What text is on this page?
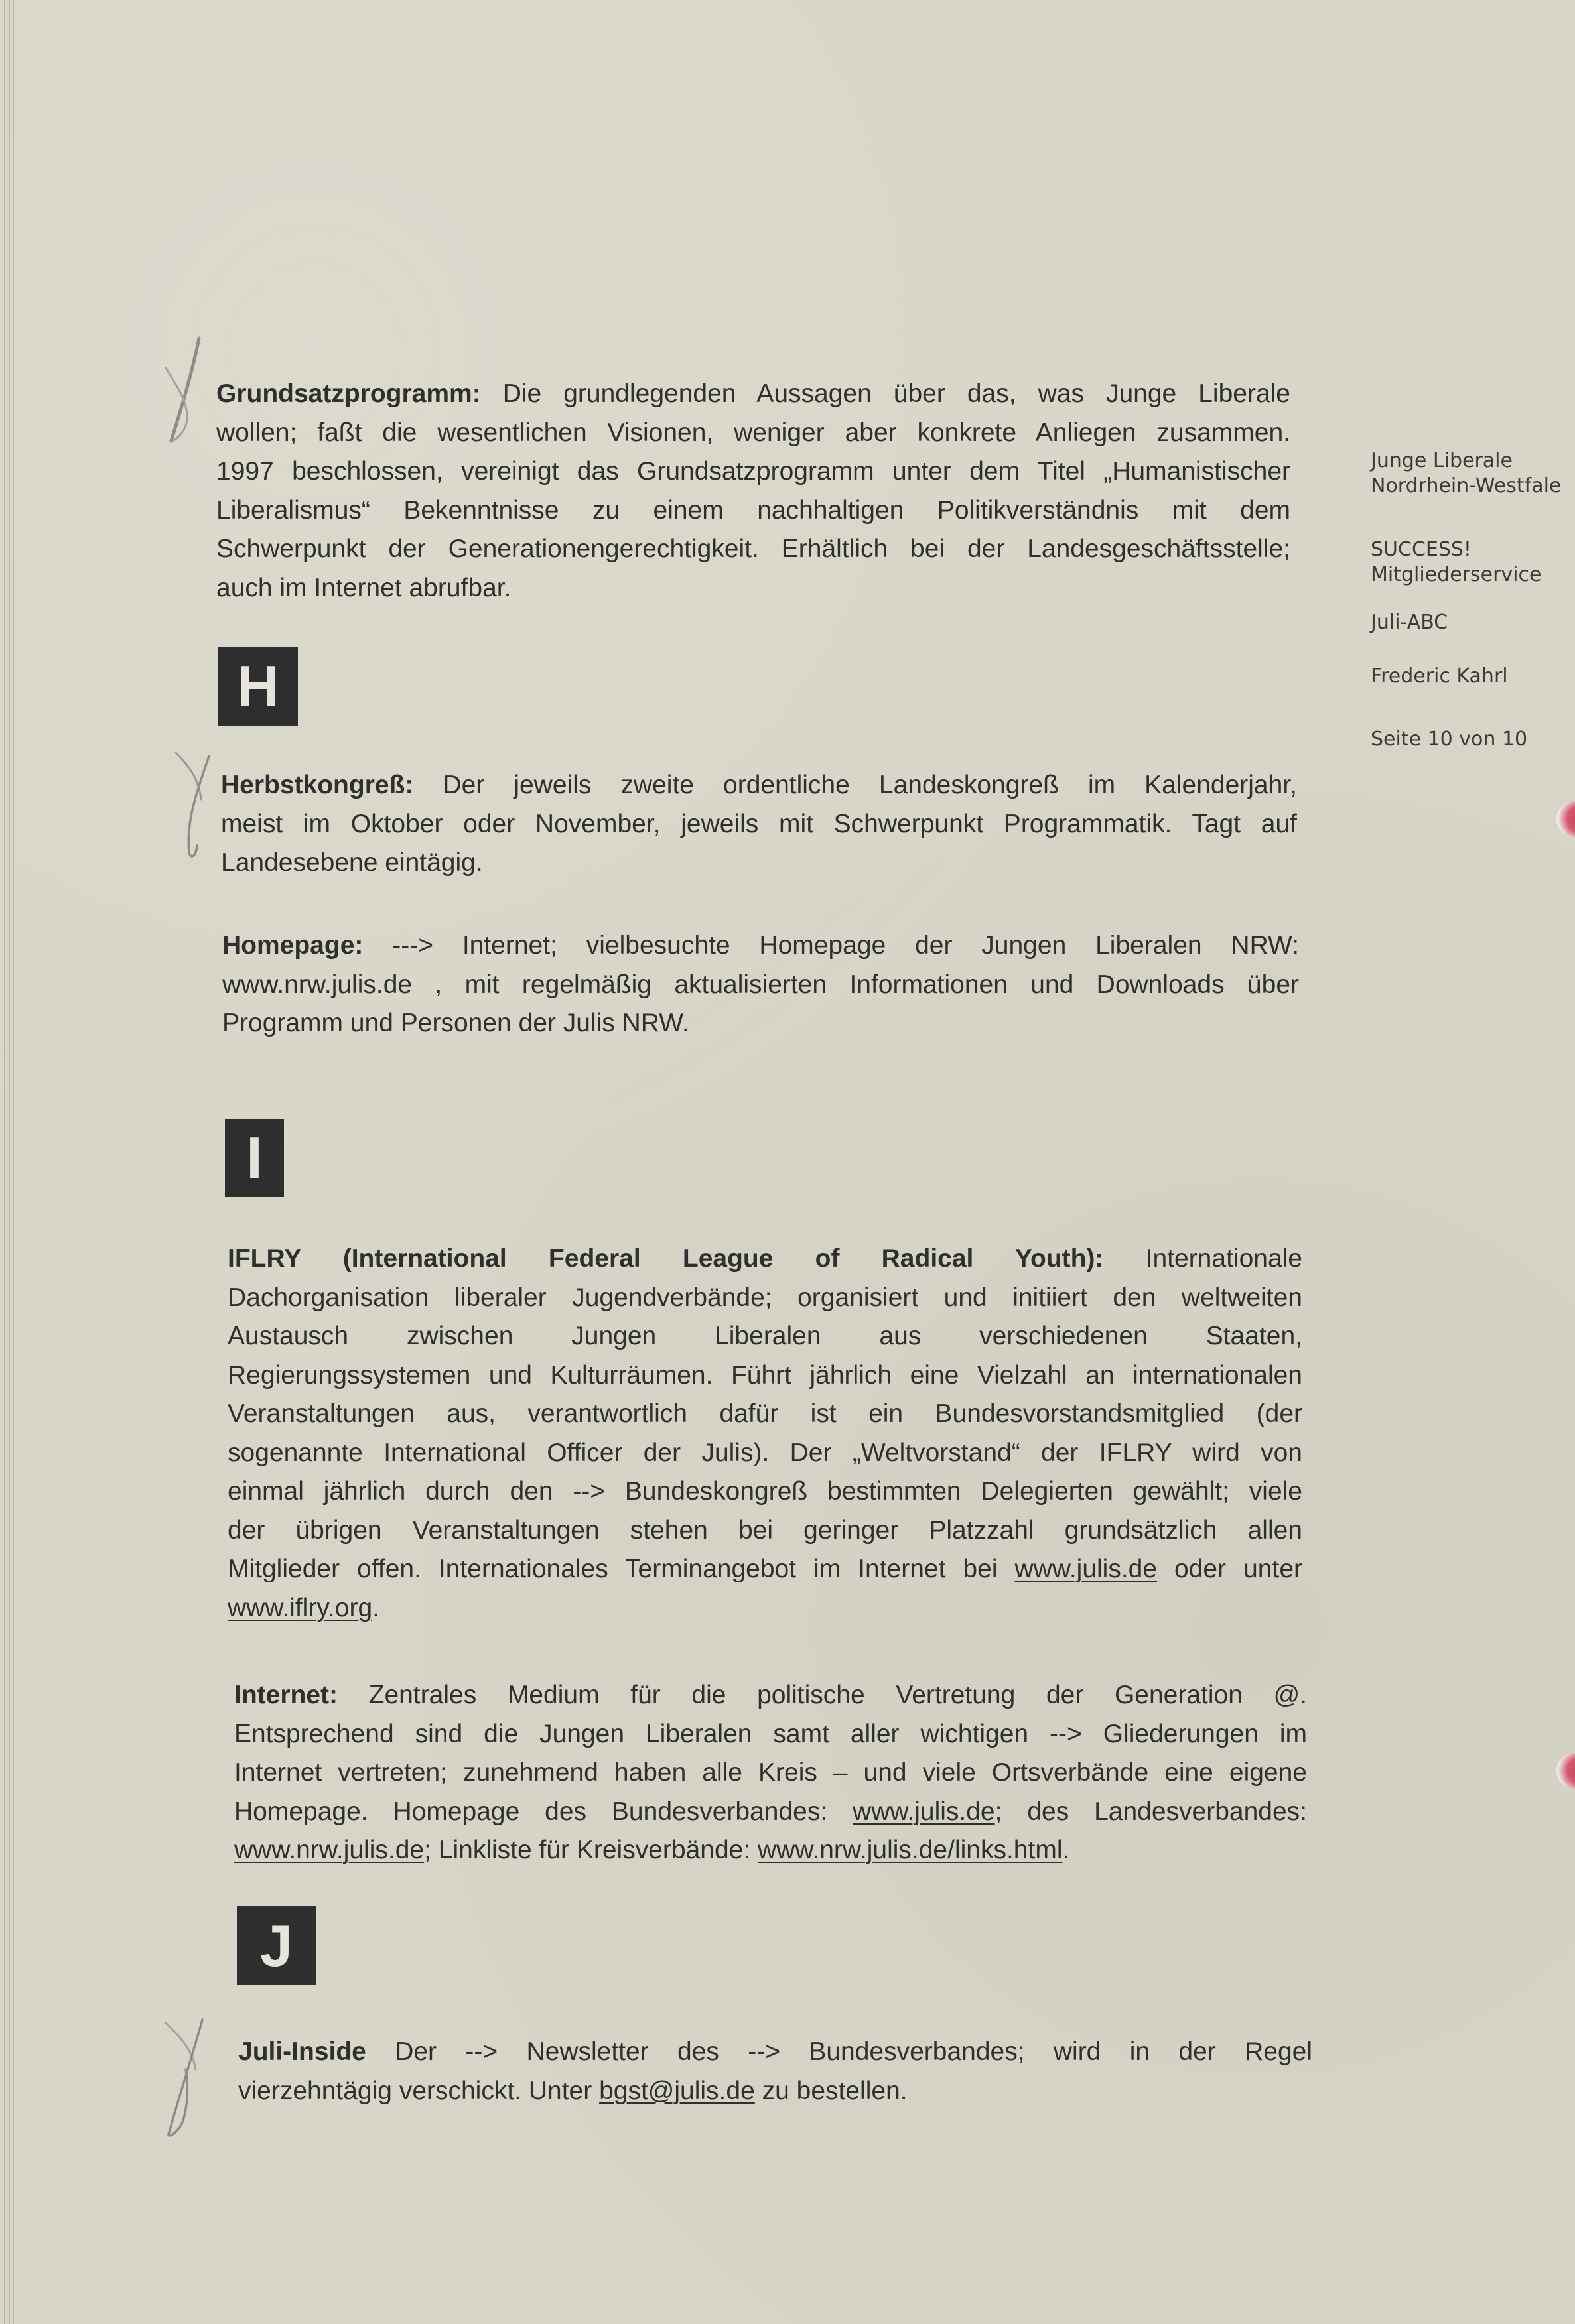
Junge Liberale
Nordrhein-Westfale
SUCCESS!
Mitgliederservice
Juli-ABC
Frederic Kahrl
Seite 10 von 10
Grundsatzprogramm: Die grundlegenden Aussagen über das, was Junge Liberale
wollen; faßt die wesentlichen Visionen, weniger aber konkrete Anliegen zusammen.
1997 beschlossen, vereinigt das Grundsatzprogramm unter dem Titel „Humanistischer
Liberalismus“ Bekenntnisse zu einem nachhaltigen Politikverständnis mit dem
Schwerpunkt der Generationengerechtigkeit. Erhältlich bei der Landesgeschäftsstelle;
auch im Internet abrufbar.
H
Herbstkongreß: Der jeweils zweite ordentliche Landeskongreß im Kalenderjahr,
meist im Oktober oder November, jeweils mit Schwerpunkt Programmatik. Tagt auf
Landesebene eintägig.
Homepage: ---> Internet; vielbesuchte Homepage der Jungen Liberalen NRW:
www.nrw.julis.de , mit regelmäßig aktualisierten Informationen und Downloads über
Programm und Personen der Julis NRW.
I
IFLRY (International Federal League of Radical Youth): Internationale
Dachorganisation liberaler Jugendverbände; organisiert und initiiert den weltweiten
Austausch zwischen Jungen Liberalen aus verschiedenen Staaten,
Regierungssystemen und Kulturräumen. Führt jährlich eine Vielzahl an internationalen
Veranstaltungen aus, verantwortlich dafür ist ein Bundesvorstandsmitglied (der
sogenannte International Officer der Julis). Der „Weltvorstand“ der IFLRY wird von
einmal jährlich durch den --> Bundeskongreß bestimmten Delegierten gewählt; viele
der übrigen Veranstaltungen stehen bei geringer Platzzahl grundsätzlich allen
Mitglieder offen. Internationales Terminangebot im Internet bei www.julis.de oder unter
www.iflry.org.
Internet: Zentrales Medium für die politische Vertretung der Generation @.
Entsprechend sind die Jungen Liberalen samt aller wichtigen --> Gliederungen im
Internet vertreten; zunehmend haben alle Kreis – und viele Ortsverbände eine eigene
Homepage. Homepage des Bundesverbandes: www.julis.de; des Landesverbandes:
www.nrw.julis.de; Linkliste für Kreisverbände: www.nrw.julis.de/links.html.
J
Juli-Inside Der --> Newsletter des --> Bundesverbandes; wird in der Regel
vierzehntägig verschickt. Unter bgst@julis.de zu bestellen.
